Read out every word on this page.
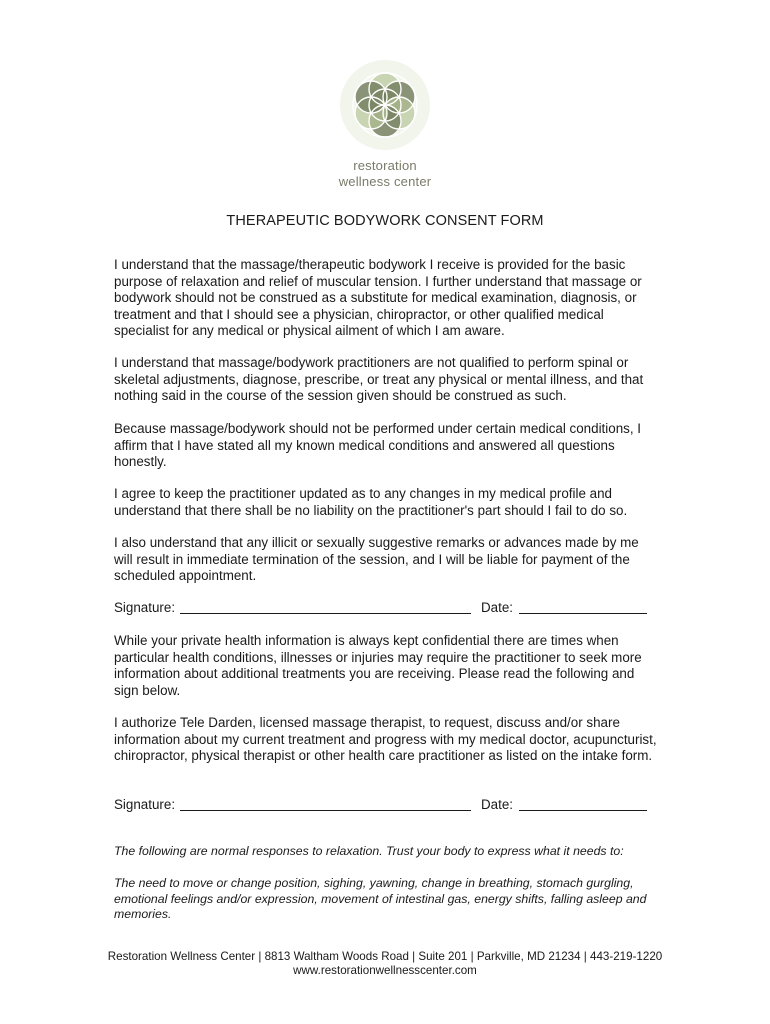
restoration
wellness center
THERAPEUTIC BODYWORK CONSENT FORM

I understand that the massage/therapeutic bodywork I receive is provided for the basic purpose of relaxation and relief of muscular tension. I further understand that massage or bodywork should not be construed as a substitute for medical examination, diagnosis, or treatment and that I should see a physician, chiropractor, or other qualified medical specialist for any medical or physical ailment of which I am aware.

I understand that massage/bodywork practitioners are not qualified to perform spinal or skeletal adjustments, diagnose, prescribe, or treat any physical or mental illness, and that nothing said in the course of the session given should be construed as such.

Because massage/bodywork should not be performed under certain medical conditions, I affirm that I have stated all my known medical conditions and answered all questions honestly.

I agree to keep the practitioner updated as to any changes in my medical profile and understand that there shall be no liability on the practitioner's part should I fail to do so.

I also understand that any illicit or sexually suggestive remarks or advances made by me will result in immediate termination of the session, and I will be liable for payment of the scheduled appointment.

Signature:	Date:

While your private health information is always kept confidential there are times when particular health conditions, illnesses or injuries may require the practitioner to seek more information about additional treatments you are receiving. Please read the following and sign below.

I authorize Tele Darden, licensed massage therapist, to request, discuss and/or share information about my current treatment and progress with my medical doctor, acupuncturist, chiropractor, physical therapist or other health care practitioner as listed on the intake form.

Signature:	Date:

The following are normal responses to relaxation. Trust your body to express what it needs to:

The need to move or change position, sighing, yawning, change in breathing, stomach gurgling, emotional feelings and/or expression, movement of intestinal gas, energy shifts, falling asleep and memories.

Restoration Wellness Center | 8813 Waltham Woods Road | Suite 201 | Parkville, MD 21234 | 443-219-1220
www.restorationwellnesscenter.com
